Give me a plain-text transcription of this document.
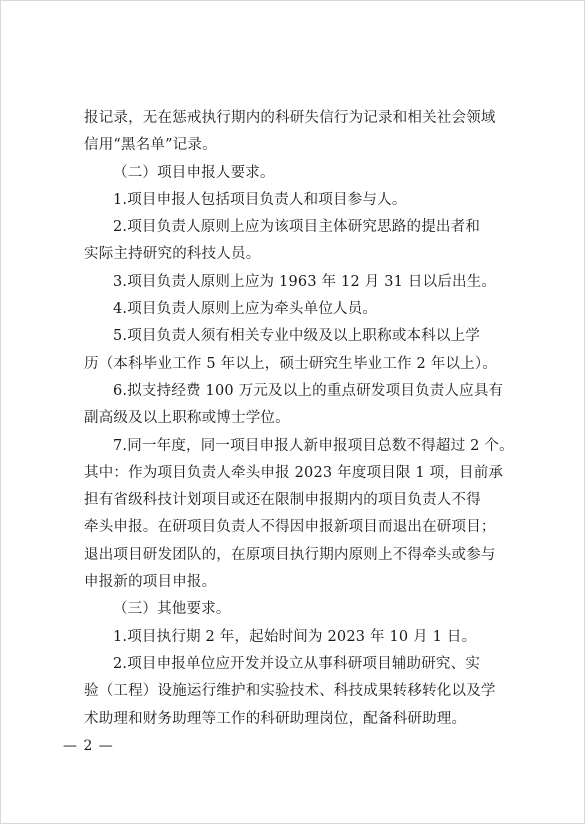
报记录，无在惩戒执行期内的科研失信行为记录和相关社会领域
信用“黑名单”记录。
（二）项目申报人要求。
1.项目申报人包括项目负责人和项目参与人。
2.项目负责人原则上应为该项目主体研究思路的提出者和
实际主持研究的科技人员。
3.项目负责人原则上应为 1963 年 12 月 31 日以后出生。
4.项目负责人原则上应为牵头单位人员。
5.项目负责人须有相关专业中级及以上职称或本科以上学
历（本科毕业工作 5 年以上，硕士研究生毕业工作 2 年以上）。
6.拟支持经费 100 万元及以上的重点研发项目负责人应具有
副高级及以上职称或博士学位。
7.同一年度，同一项目申报人新申报项目总数不得超过 2 个。
其中：作为项目负责人牵头申报 2023 年度项目限 1 项，目前承
担有省级科技计划项目或还在限制申报期内的项目负责人不得
牵头申报。在研项目负责人不得因申报新项目而退出在研项目；
退出项目研发团队的，在原项目执行期内原则上不得牵头或参与
申报新的项目申报。
（三）其他要求。
1.项目执行期 2 年，起始时间为 2023 年 10 月 1 日。
2.项目申报单位应开发并设立从事科研项目辅助研究、实
验（工程）设施运行维护和实验技术、科技成果转移转化以及学
术助理和财务助理等工作的科研助理岗位，配备科研助理。
— 2 —
